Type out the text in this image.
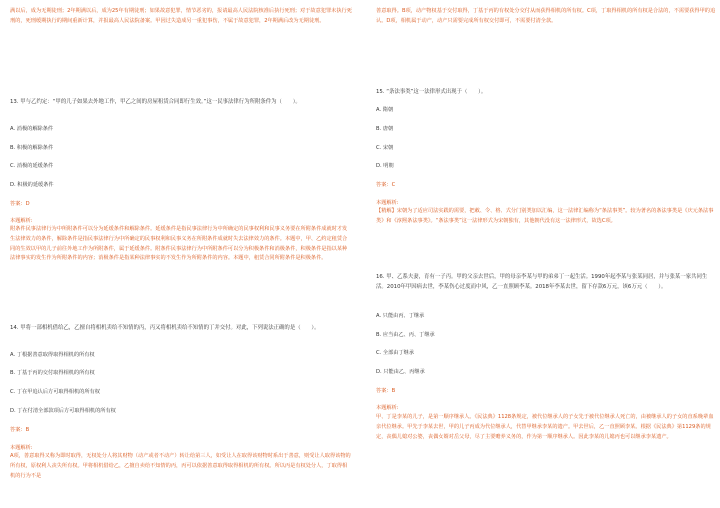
满以后，成为无期徒刑；2年期满以后，成为25年有期徒刑；如果故意犯罪，情节恶劣的，报请最高人民法院核准后执行死刑；对于故意犯罪未执行死刑的，死刑缓期执行的期间重新计算，并报最高人民法院备案。甲因过失造成另一重犯事伤，不属于故意犯罪，2年期满后改为无期徒刑。
13. 甲与乙约定：“甲的儿子如果去外地工作，甲乙之间的房屋租赁合同即行生效。”这一民事法律行为所附条件为（　　）。
A. 消极的解除条件
B. 积极的解除条件
C. 消极的延缓条件
D. 积极的延缓条件
答案：D
本题解析:
附条件民事法律行为中所附条件可以分为延缓条件和解除条件。延缓条件是指民事法律行为中所确定的民事权利和民事义务要在所附条件成就时才发生法律效力的条件，解除条件是指民事法律行为中所确定的民事权利和民事义务在所附条件成就时失去法律效力的条件。本题中，甲、乙约定租赁合同的生效以甲的儿子前往外地工作为所附条件，属于延缓条件。附条件民事法律行为中所附条件可以分为积极条件和消极条件，积极条件是指以某种法律事实的发生作为所附条件的内容；消极条件是指某种法律事实的不发生作为所附条件的内容。本题中，租赁合同所附条件是积极条件。
14. 甲将一部相机借给乙，乙擅自将相机卖给不知情的丙，丙又将相机卖给不知情的丁并交付。对此，下列说法正确的是（　　）。
A. 丁根据善意取得取得相机的所有权
B. 丁基于丙的交付取得相机的所有权
C. 丁在甲追认后方可取得相机的所有权
D. 丁在付清全部款项后方可取得相机的所有权
答案：B
本题解析:
A项，善意取得又称为即时取得，无权处分人将其财物（动产或者不动产）转让给第三人，如受让人在取得该财物时系出于善意，则受让人取得该物的所有权，原权利人丧失所有权。甲将相机借给乙，乙擅自卖给不知情的丙，丙可以依据善意取得取得相机的所有权。所以丙是有权处分人，丁取得相机的行为不是
善意取得。B项，动产物权基于交付取得，丁基于丙的有权处分交付从而获得相机的所有权。C项，丁取得相机的所有权是合法的，不需要获得甲的追认。D项，相机属于动产，动产只需要完成所有权交付即可，不需要付清全款。
15. “条法事类”这一法律形式出现于（　　）。
A. 隋朝
B. 唐朝
C. 宋朝
D. 明朝
答案：C
本题解析:
【精解】宋朝为了适应司法实践的需要，把敕、令、格、式分门别类加以汇编，这一法律汇编称为“条法事类”。较为著名的条法事类是《庆元条法事类》和《淳熙条法事类》。“条法事类”这一法律形式为宋朝独有，其他朝代没有这一法律形式，故选C项。
16. 甲、乙系夫妻，育有一子丙。甲的父亲去世后，甲的母亲李某与甲的弟弟丁一起生活。1990年起李某与张某同居，并与张某一家共同生活。2010年甲因病去世，李某伤心过度而中风，乙一直照顾李某。2018年李某去世，留下存款6万元，该6万元（　　）。
A. 只能由丙、丁继承
B. 应当由乙、丙、丁继承
C. 全部由丁继承
D. 只能由乙、丙继承
答案：B
本题解析:
甲、丁是李某的儿子，是第一顺序继承人。《民法典》1128条规定，被代位继承人的子女先于被代位继承人死亡的，由被继承人的子女的直系晚辈血亲代位继承。甲先于李某去世，甲的儿子丙成为代位继承人，代替甲继承李某的遗产。甲去世后，乙一直照顾李某。根据《民法典》第1129条的规定，丧偶儿媳对公婆，丧偶女婿对岳父母，尽了主要赡养义务的，作为第一顺序继承人。因此李某的儿媳丙也可以继承李某遗产。
